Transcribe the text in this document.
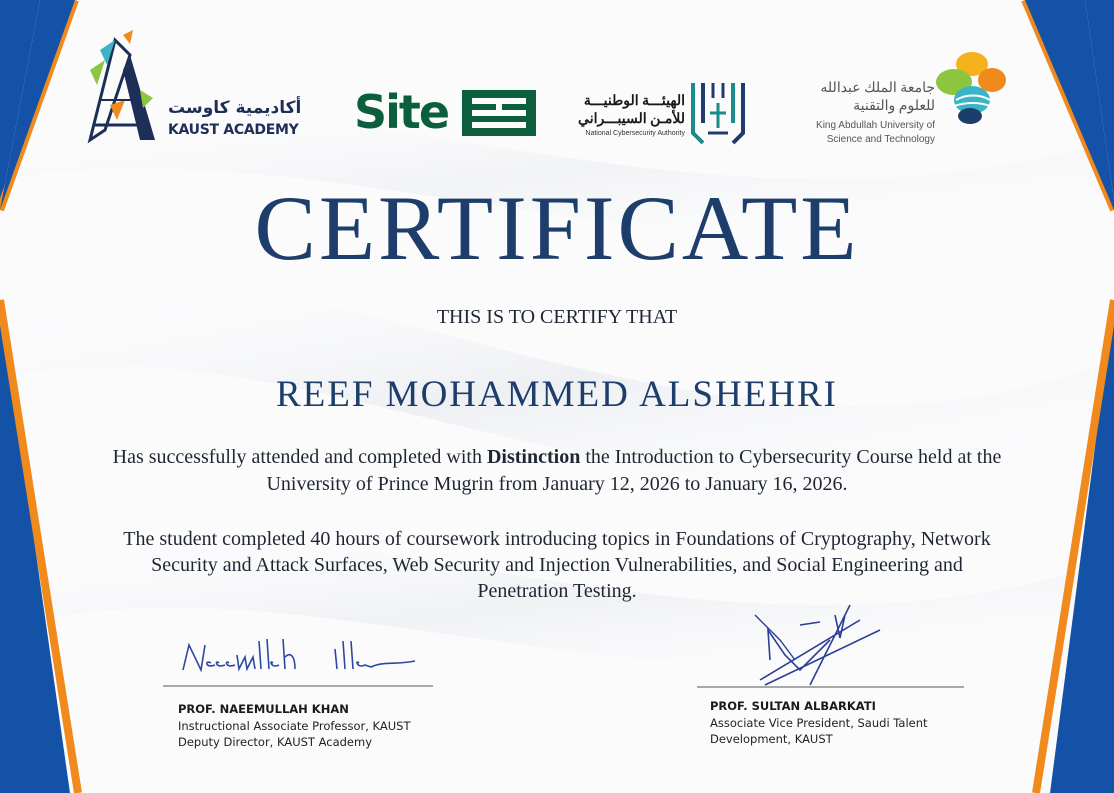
أكاديمية كاوست
KAUST ACADEMY Site	الهيئـــة الوطنيـــة
للأمـن السيبـــراني
National Cybersecurity Authority
جامعة الملك عبدالله
للعلوم والتقنية
King Abdullah University of
Science and Technology
CERTIFICATE
THIS IS TO CERTIFY THAT
REEF MOHAMMED ALSHEHRI
Has successfully attended and completed with Distinction the Introduction to Cybersecurity Course held at the University of Prince Mugrin from January 12, 2026 to January 16, 2026.
The student completed 40 hours of coursework introducing topics in Foundations of Cryptography, Network Security and Attack Surfaces, Web Security and Injection Vulnerabilities, and Social Engineering and Penetration Testing.
PROF. NAEEMULLAH KHAN
Instructional Associate Professor, KAUST
Deputy Director, KAUST Academy
PROF. SULTAN ALBARKATI
Associate Vice President, Saudi Talent
Development, KAUST
